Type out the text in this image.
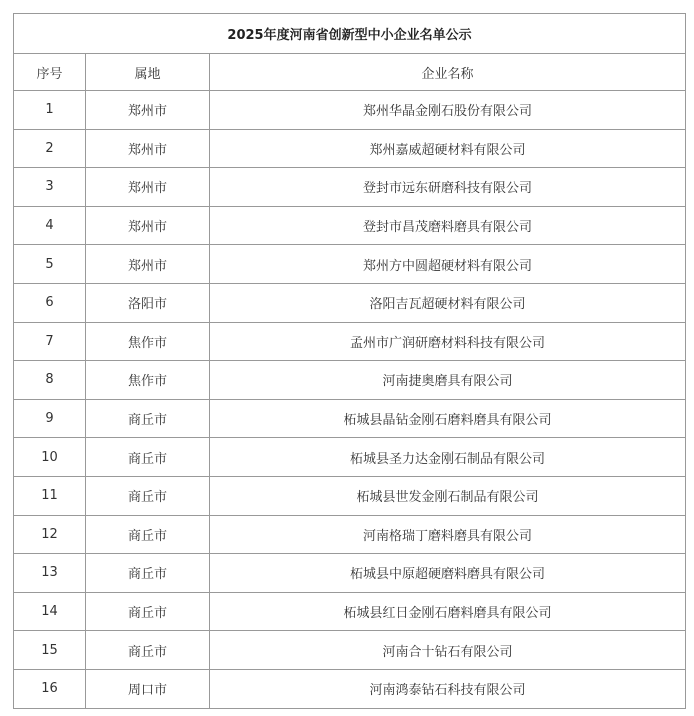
2025年度河南省创新型中小企业名单公示		
序号	属地	企业名称
1	郑州市	郑州华晶金刚石股份有限公司
2	郑州市	郑州嘉威超硬材料有限公司
3	郑州市	登封市远东研磨科技有限公司
4	郑州市	登封市昌茂磨料磨具有限公司
5	郑州市	郑州方中圆超硬材料有限公司
6	洛阳市	洛阳吉瓦超硬材料有限公司
7	焦作市	孟州市广润研磨材料科技有限公司
8	焦作市	河南捷奥磨具有限公司
9	商丘市	柘城县晶钻金刚石磨料磨具有限公司
10	商丘市	柘城县圣力达金刚石制品有限公司
11	商丘市	柘城县世发金刚石制品有限公司
12	商丘市	河南格瑞丁磨料磨具有限公司
13	商丘市	柘城县中原超硬磨料磨具有限公司
14	商丘市	柘城县红日金刚石磨料磨具有限公司
15	商丘市	河南合十钻石有限公司
16	周口市	河南鸿泰钻石科技有限公司
